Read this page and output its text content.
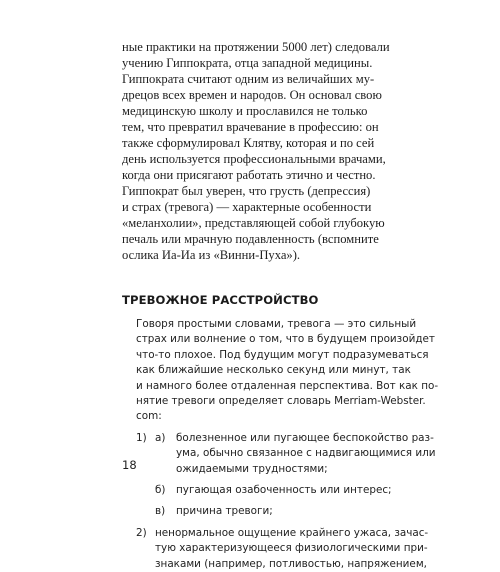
ные практики на протяжении 5000 лет) следовали
учению Гиппократа, отца западной медицины.
Гиппократа считают одним из величайших му-
дрецов всех времен и народов. Он основал свою
медицинскую школу и прославился не только
тем, что превратил врачевание в профессию: он
также сформулировал Клятву, которая и по сей
день используется профессиональными врачами,
когда они присягают работать этично и честно.
Гиппократ был уверен, что грусть (депрессия)
и страх (тревога) — характерные особенности
«меланхолии», представляющей собой глубокую
печаль или мрачную подавленность (вспомните
ослика Иа-Иа из «Винни-Пуха»).
ТРЕВОЖНОЕ РАССТРОЙСТВО
Говоря простыми словами, тревога — это сильный
страх или волнение о том, что в будущем произойдет
что-то плохое. Под будущим могут подразумеваться
как ближайшие несколько секунд или минут, так
и намного более отдаленная перспектива. Вот как по-
нятие тревоги определяет словарь Merriam-Webster.
com:
1) а) болезненное или пугающее беспокойство раз-
ума, обычно связанное с надвигающимися или
ожидаемыми трудностями;
б) пугающая озабоченность или интерес;
в) причина тревоги;
2) ненормальное ощущение крайнего ужаса, зачас-
тую характеризующееся физиологическими при-
знаками (например, потливостью, напряжением,
18
